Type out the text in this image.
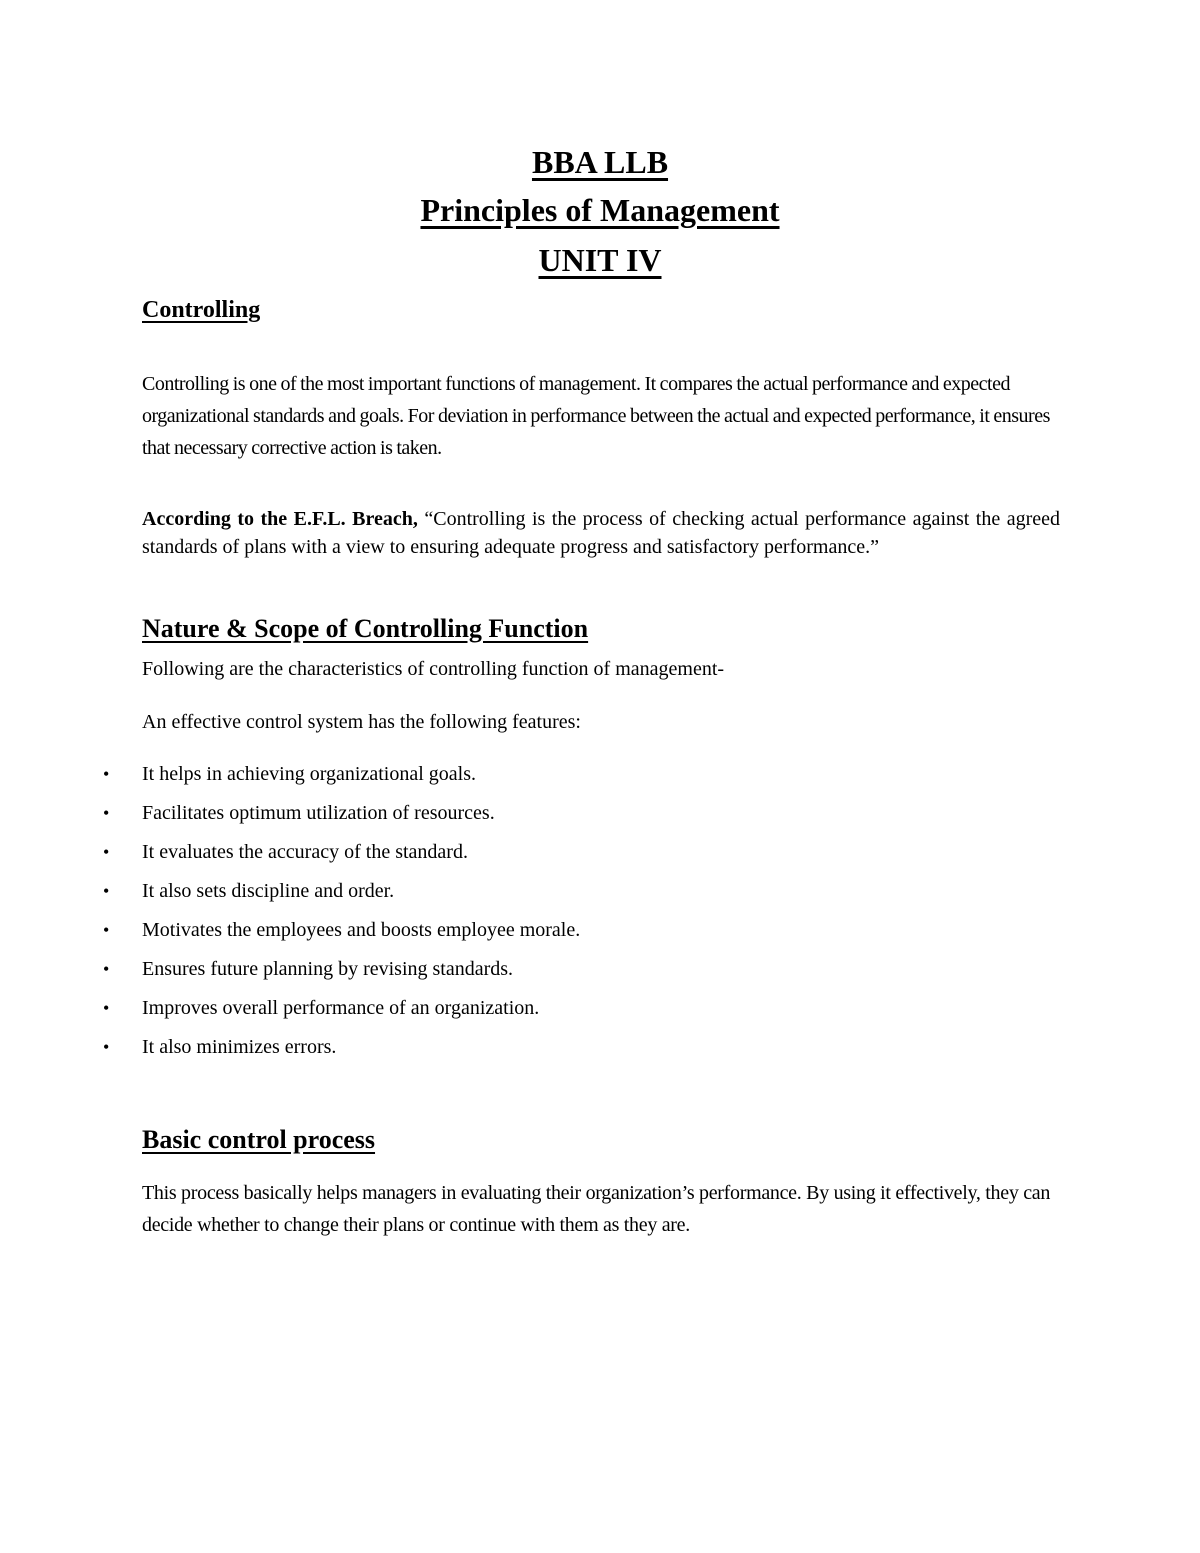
BBA LLB
Principles of Management
UNIT IV
Controlling
Controlling is one of the most important functions of management. It compares the actual performance and expected organizational standards and goals. For deviation in performance between the actual and expected performance, it ensures that necessary corrective action is taken.
According to the E.F.L. Breach, “Controlling is the process of checking actual performance against the agreed standards of plans with a view to ensuring adequate progress and satisfactory performance.”
Nature & Scope of Controlling Function
Following are the characteristics of controlling function of management-
An effective control system has the following features:
• It helps in achieving organizational goals.
• Facilitates optimum utilization of resources.
• It evaluates the accuracy of the standard.
• It also sets discipline and order.
• Motivates the employees and boosts employee morale.
• Ensures future planning by revising standards.
• Improves overall performance of an organization.
• It also minimizes errors.
Basic control process
This process basically helps managers in evaluating their organization’s performance. By using it effectively, they can decide whether to change their plans or continue with them as they are.
